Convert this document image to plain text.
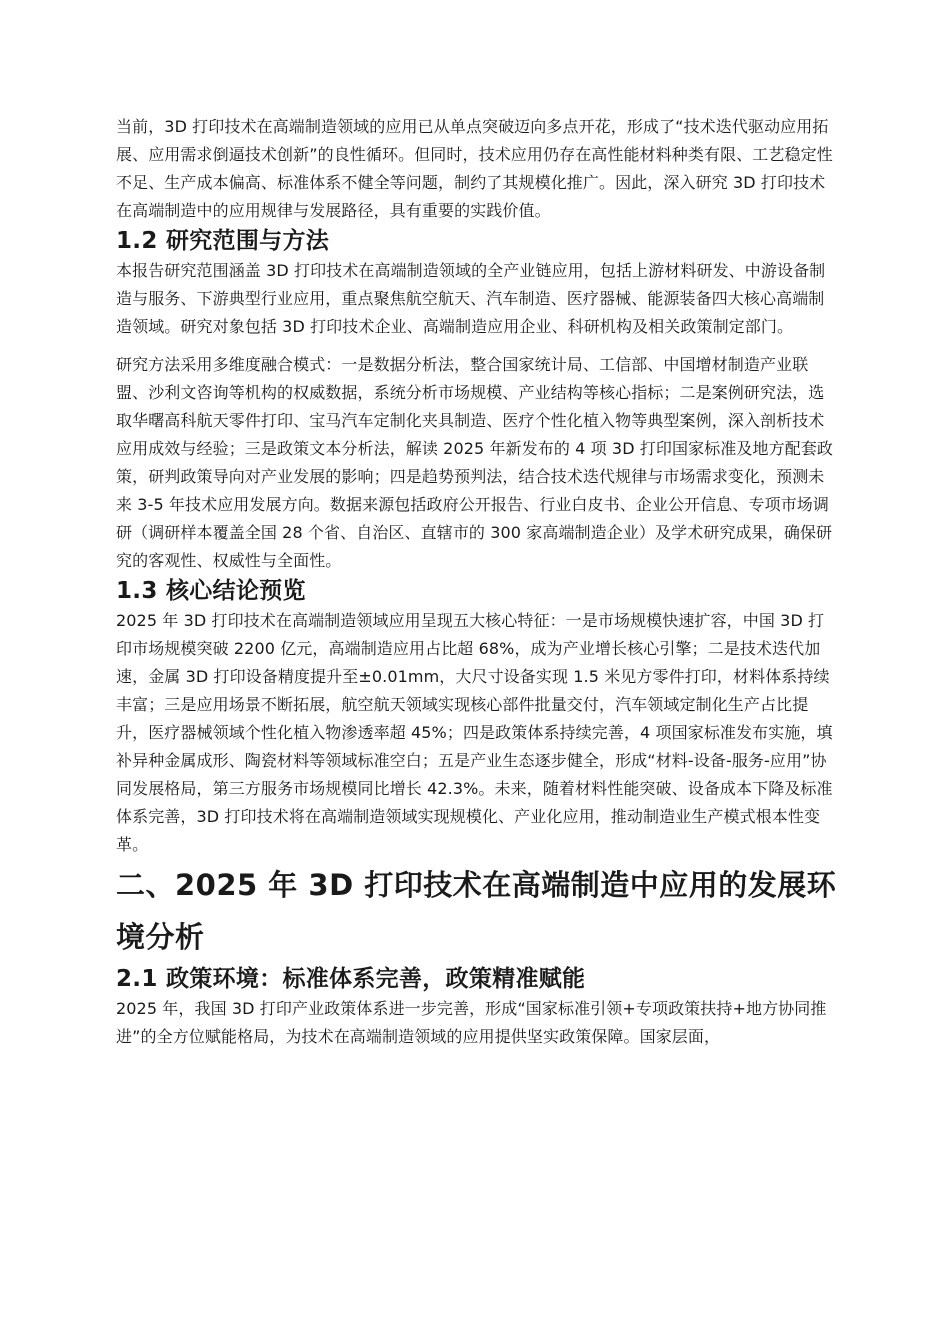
当前，3D 打印技术在高端制造领域的应用已从单点突破迈向多点开花，形成了“技术迭代驱动应用拓展、应用需求倒逼技术创新”的良性循环。但同时，技术应用仍存在高性能材料种类有限、工艺稳定性不足、生产成本偏高、标准体系不健全等问题，制约了其规模化推广。因此，深入研究 3D 打印技术在高端制造中的应用规律与发展路径，具有重要的实践价值。

1.2 研究范围与方法

本报告研究范围涵盖 3D 打印技术在高端制造领域的全产业链应用，包括上游材料研发、中游设备制造与服务、下游典型行业应用，重点聚焦航空航天、汽车制造、医疗器械、能源装备四大核心高端制造领域。研究对象包括 3D 打印技术企业、高端制造应用企业、科研机构及相关政策制定部门。

研究方法采用多维度融合模式：一是数据分析法，整合国家统计局、工信部、中国增材制造产业联盟、沙利文咨询等机构的权威数据，系统分析市场规模、产业结构等核心指标；二是案例研究法，选取华曙高科航天零件打印、宝马汽车定制化夹具制造、医疗个性化植入物等典型案例，深入剖析技术应用成效与经验；三是政策文本分析法，解读 2025 年新发布的 4 项 3D 打印国家标准及地方配套政策，研判政策导向对产业发展的影响；四是趋势预判法，结合技术迭代规律与市场需求变化，预测未来 3-5 年技术应用发展方向。数据来源包括政府公开报告、行业白皮书、企业公开信息、专项市场调研（调研样本覆盖全国 28 个省、自治区、直辖市的 300 家高端制造企业）及学术研究成果，确保研究的客观性、权威性与全面性。

1.3 核心结论预览

2025 年 3D 打印技术在高端制造领域应用呈现五大核心特征：一是市场规模快速扩容，中国 3D 打印市场规模突破 2200 亿元，高端制造应用占比超 68%，成为产业增长核心引擎；二是技术迭代加速，金属 3D 打印设备精度提升至±0.01mm，大尺寸设备实现 1.5 米见方零件打印，材料体系持续丰富；三是应用场景不断拓展，航空航天领域实现核心部件批量交付，汽车领域定制化生产占比提升，医疗器械领域个性化植入物渗透率超 45%；四是政策体系持续完善，4 项国家标准发布实施，填补异种金属成形、陶瓷材料等领域标准空白；五是产业生态逐步健全，形成“材料-设备-服务-应用”协同发展格局，第三方服务市场规模同比增长 42.3%。未来，随着材料性能突破、设备成本下降及标准体系完善，3D 打印技术将在高端制造领域实现规模化、产业化应用，推动制造业生产模式根本性变革。

二、2025 年 3D 打印技术在高端制造中应用的发展环境分析
2.1 政策环境：标准体系完善，政策精准赋能

2025 年，我国 3D 打印产业政策体系进一步完善，形成“国家标准引领+专项政策扶持+地方协同推进”的全方位赋能格局，为技术在高端制造领域的应用提供坚实政策保障。国家层面，
